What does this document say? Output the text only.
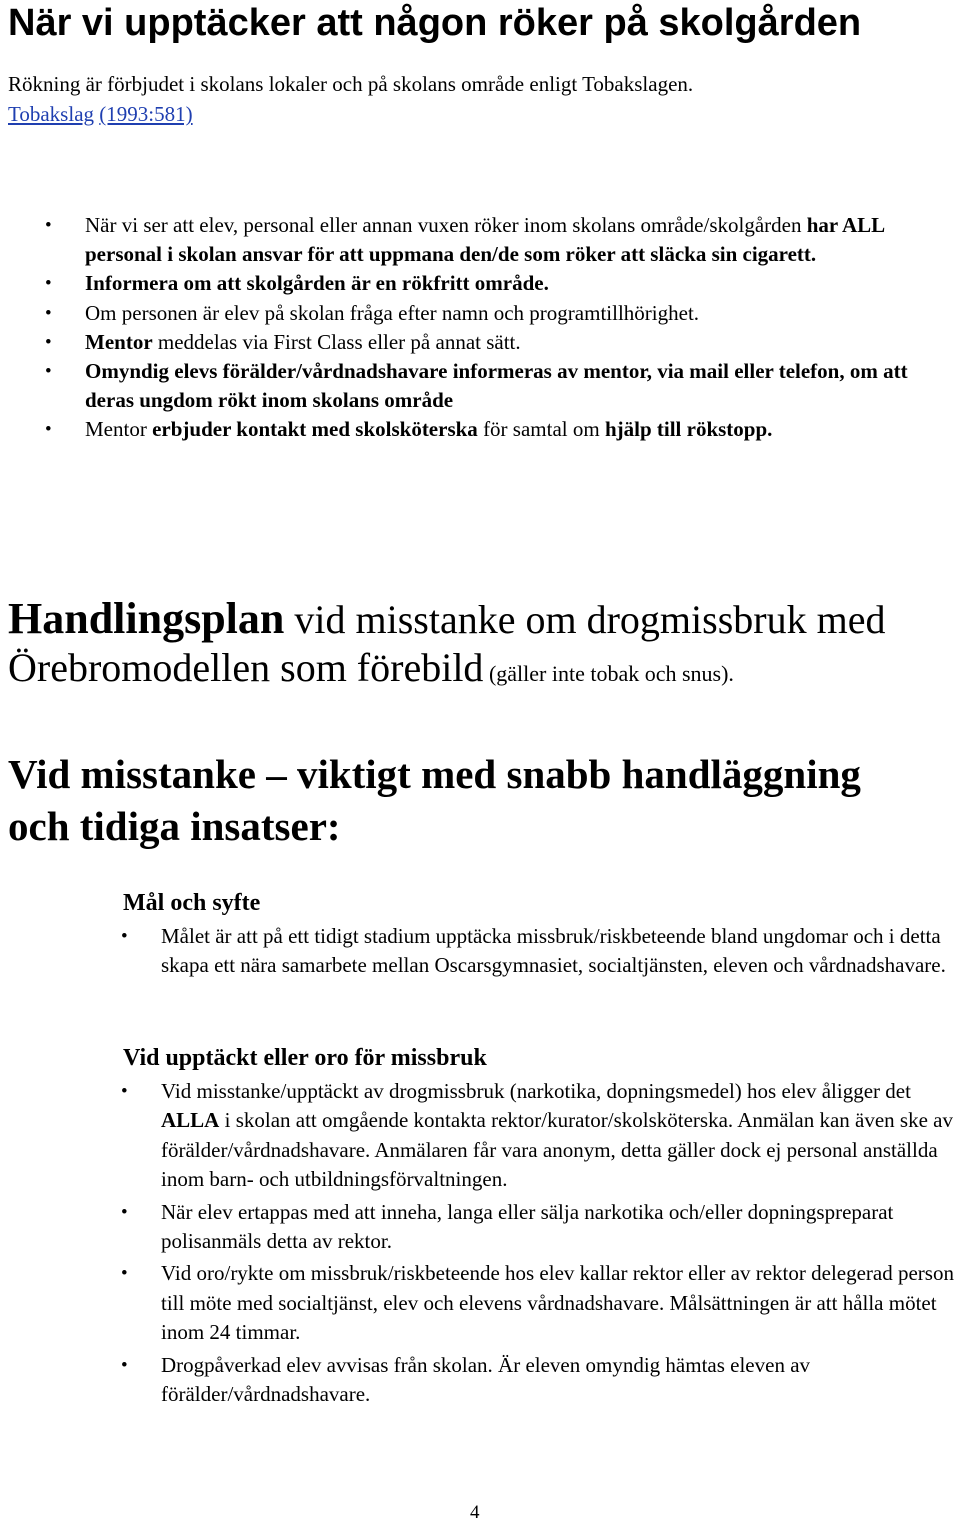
När vi upptäcker att någon röker på skolgården
Rökning är förbjudet i skolans lokaler och på skolans område enligt Tobakslagen.
Tobakslag (1993:581)
• När vi ser att elev, personal eller annan vuxen röker inom skolans område/skolgården har ALL personal i skolan ansvar för att uppmana den/de som röker att släcka sin cigarett.
• Informera om att skolgården är en rökfritt område.
• Om personen är elev på skolan fråga efter namn och programtillhörighet.
• Mentor meddelas via First Class eller på annat sätt.
• Omyndig elevs förälder/vårdnadshavare informeras av mentor, via mail eller telefon, om att deras ungdom rökt inom skolans område
• Mentor erbjuder kontakt med skolsköterska för samtal om hjälp till rökstopp.
Handlingsplan vid misstanke om drogmissbruk med
Örebromodellen som förebild (gäller inte tobak och snus).
Vid misstanke – viktigt med snabb handläggning
och tidiga insatser:
Mål och syfte
• Målet är att på ett tidigt stadium upptäcka missbruk/riskbeteende bland ungdomar och i detta skapa ett nära samarbete mellan Oscarsgymnasiet, socialtjänsten, eleven och vårdnadshavare.
Vid upptäckt eller oro för missbruk
• Vid misstanke/upptäckt av drogmissbruk (narkotika, dopningsmedel) hos elev åligger det ALLA i skolan att omgående kontakta rektor/kurator/skolsköterska. Anmälan kan även ske av förälder/vårdnadshavare. Anmälaren får vara anonym, detta gäller dock ej personal anställda inom barn- och utbildningsförvaltningen.
• När elev ertappas med att inneha, langa eller sälja narkotika och/eller dopningspreparat polisanmäls detta av rektor.
• Vid oro/rykte om missbruk/riskbeteende hos elev kallar rektor eller av rektor delegerad person till möte med socialtjänst, elev och elevens vårdnadshavare. Målsättningen är att hålla mötet inom 24 timmar.
• Drogpåverkad elev avvisas från skolan. Är eleven omyndig hämtas eleven av förälder/vårdnadshavare.
4
